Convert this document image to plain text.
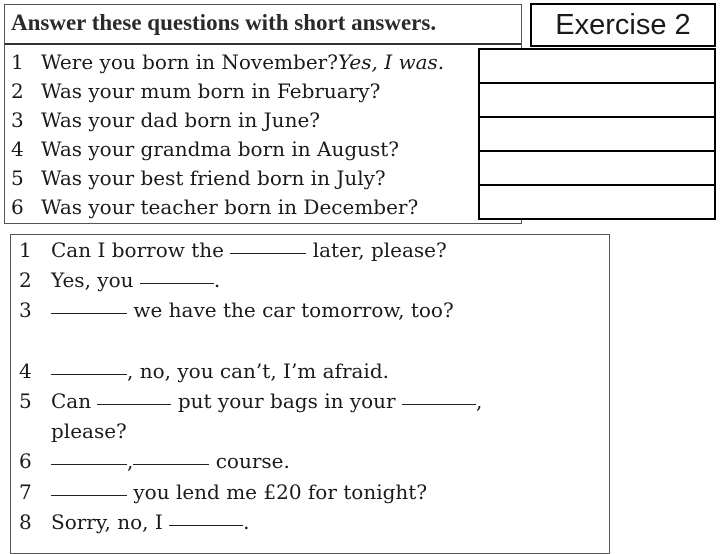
Answer these questions with short answers.
1 Were you born in November? Yes, I was.
2 Was your mum born in February?
3 Was your dad born in June?
4 Was your grandma born in August?
5 Was your best friend born in July?
6 Was your teacher born in December?
Exercise 2
1 Can I borrow the

	later, please?
2 Yes, you
	.
3
	we have the car tomorrow, too?
4	, no, you can’t, I’m afraid.
5 Can

	put your bags in your
	,
please?
6	,
	course.
7
	you lend me £20 for tonight?
8 Sorry, no, I
	.
